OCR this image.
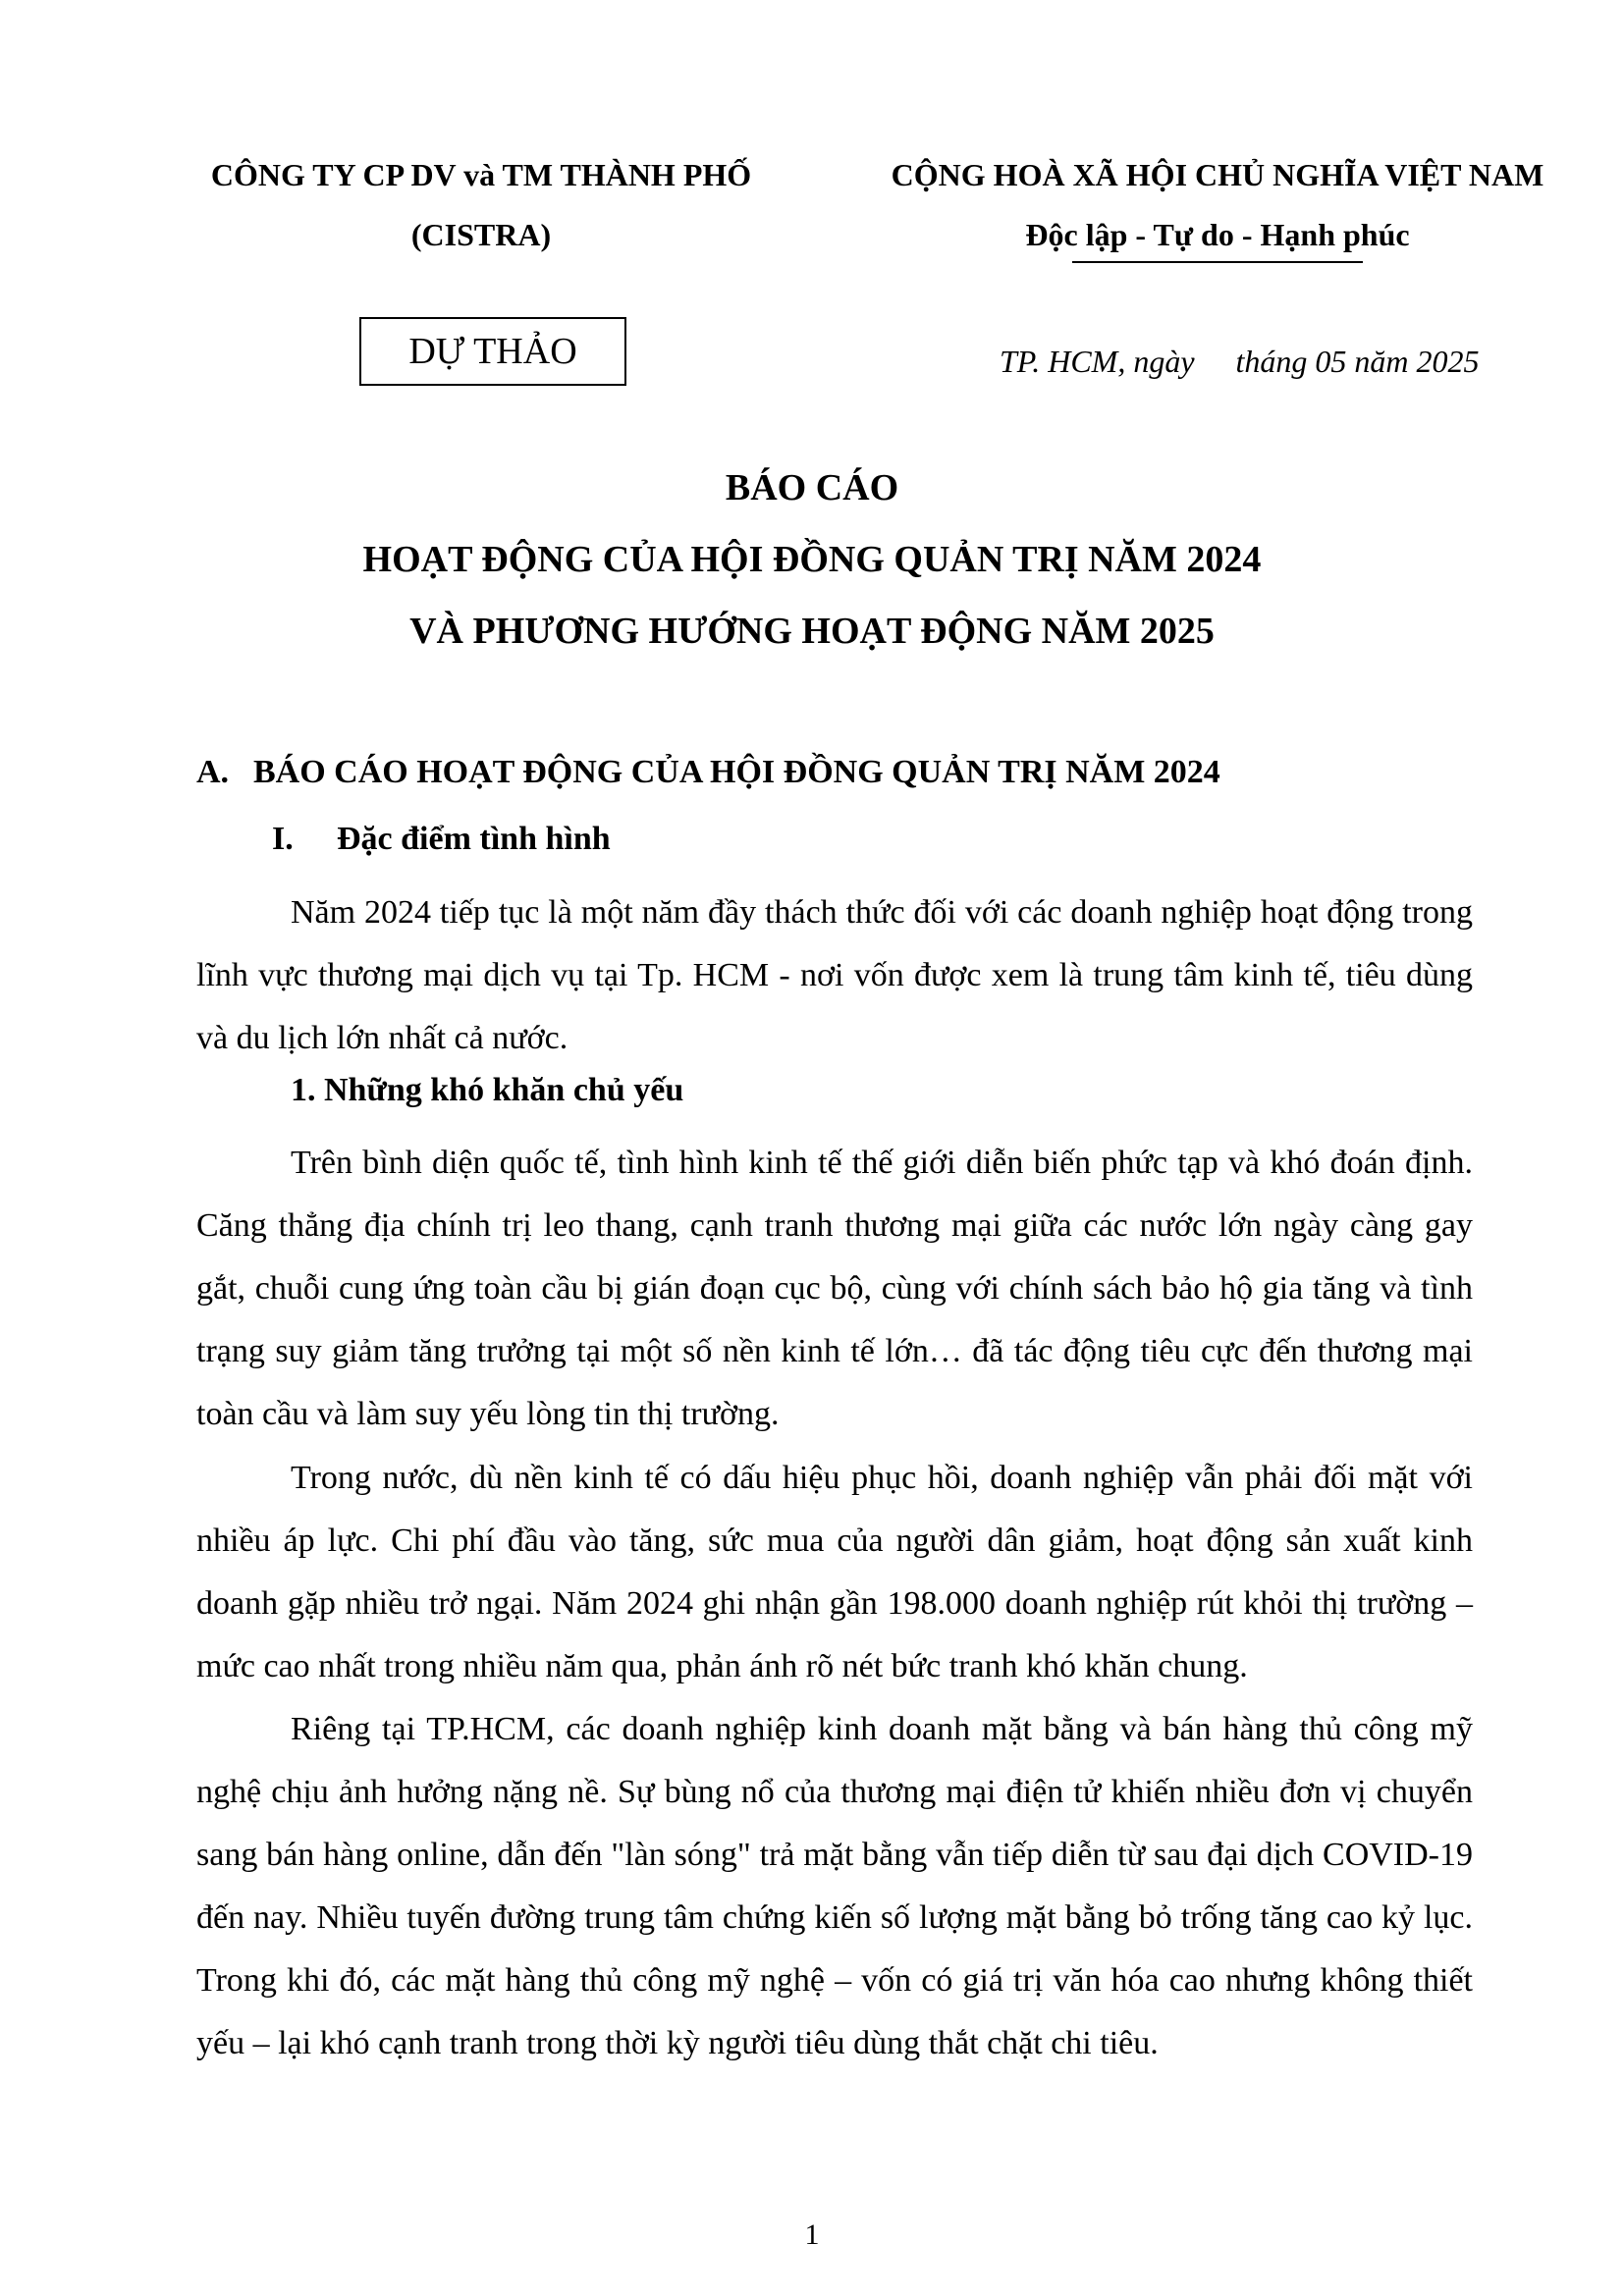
CÔNG TY CP DV và TM THÀNH PHỐ
(CISTRA)
CỘNG HOÀ XÃ HỘI CHỦ NGHĨA VIỆT NAM
Độc lập - Tự do - Hạnh phúc
DỰ THẢO	TP. HCM, ngày tháng 05 năm 2025
BÁO CÁO
HOẠT ĐỘNG CỦA HỘI ĐỒNG QUẢN TRỊ NĂM 2024
VÀ PHƯƠNG HƯỚNG HOẠT ĐỘNG NĂM 2025
A. BÁO CÁO HOẠT ĐỘNG CỦA HỘI ĐỒNG QUẢN TRỊ NĂM 2024
I. Đặc điểm tình hình
Năm 2024 tiếp tục là một năm đầy thách thức đối với các doanh nghiệp hoạt động trong lĩnh vực thương mại dịch vụ tại Tp. HCM - nơi vốn được xem là trung tâm kinh tế, tiêu dùng và du lịch lớn nhất cả nước.
1. Những khó khăn chủ yếu
Trên bình diện quốc tế, tình hình kinh tế thế giới diễn biến phức tạp và khó đoán định. Căng thẳng địa chính trị leo thang, cạnh tranh thương mại giữa các nước lớn ngày càng gay gắt, chuỗi cung ứng toàn cầu bị gián đoạn cục bộ, cùng với chính sách bảo hộ gia tăng và tình trạng suy giảm tăng trưởng tại một số nền kinh tế lớn… đã tác động tiêu cực đến thương mại toàn cầu và làm suy yếu lòng tin thị trường.
Trong nước, dù nền kinh tế có dấu hiệu phục hồi, doanh nghiệp vẫn phải đối mặt với nhiều áp lực. Chi phí đầu vào tăng, sức mua của người dân giảm, hoạt động sản xuất kinh doanh gặp nhiều trở ngại. Năm 2024 ghi nhận gần 198.000 doanh nghiệp rút khỏi thị trường – mức cao nhất trong nhiều năm qua, phản ánh rõ nét bức tranh khó khăn chung.
Riêng tại TP.HCM, các doanh nghiệp kinh doanh mặt bằng và bán hàng thủ công mỹ nghệ chịu ảnh hưởng nặng nề. Sự bùng nổ của thương mại điện tử khiến nhiều đơn vị chuyển sang bán hàng online, dẫn đến "làn sóng" trả mặt bằng vẫn tiếp diễn từ sau đại dịch COVID-19 đến nay. Nhiều tuyến đường trung tâm chứng kiến số lượng mặt bằng bỏ trống tăng cao kỷ lục. Trong khi đó, các mặt hàng thủ công mỹ nghệ – vốn có giá trị văn hóa cao nhưng không thiết yếu – lại khó cạnh tranh trong thời kỳ người tiêu dùng thắt chặt chi tiêu.
1
